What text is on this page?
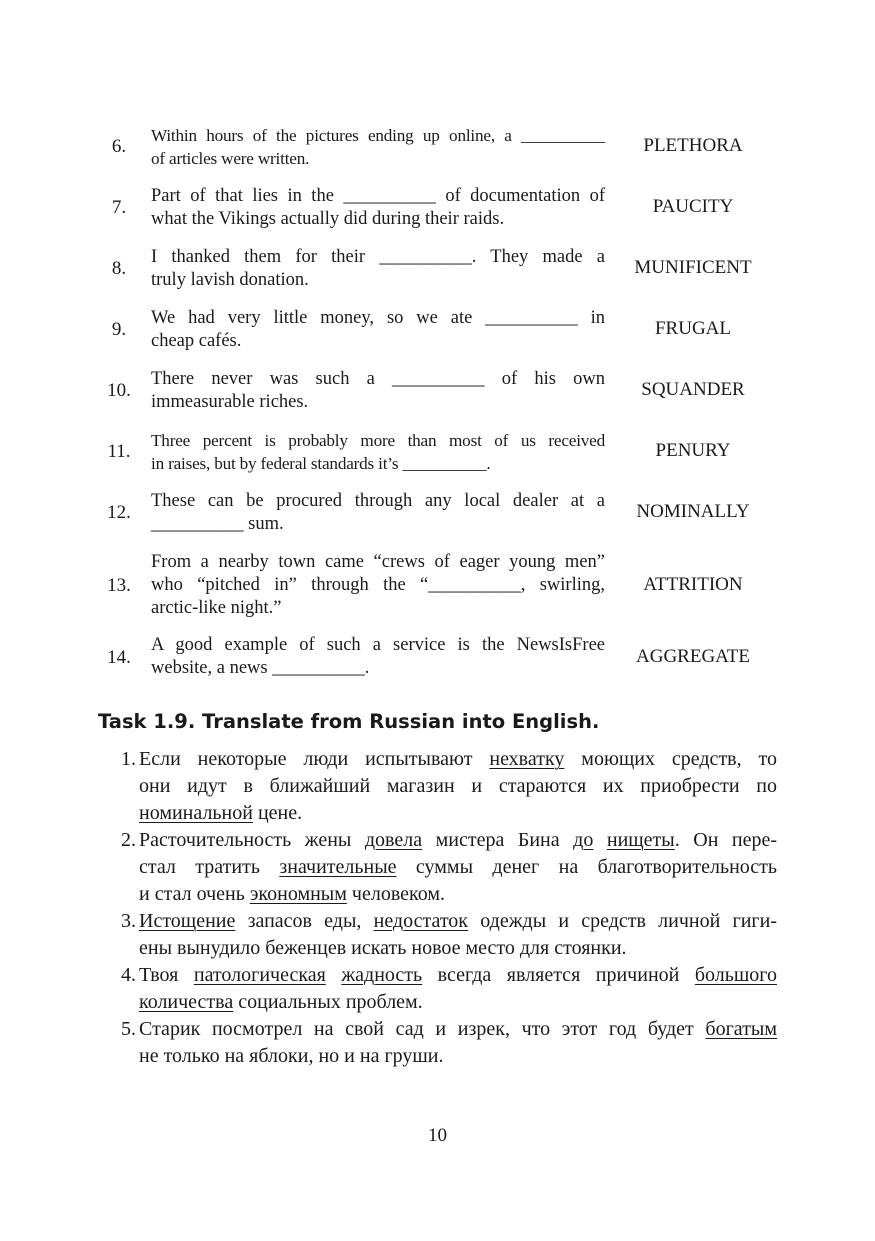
6.
Within hours of the pictures ending up online, a __________
of articles were written.
PLETHORA
7.
Part of that lies in the __________ of documentation of
what the Vikings actually did during their raids.
PAUCITY
8.
I thanked them for their __________. They made a
truly lavish donation.
MUNIFICENT
9.
We had very little money, so we ate __________ in
cheap cafés.
FRUGAL
10.
There never was such a __________ of his own
immeasurable riches.
SQUANDER
11.
Three percent is probably more than most of us received
in raises, but by federal standards it’s __________.
PENURY
12.
These can be procured through any local dealer at a
__________ sum.
NOMINALLY
13.
From a nearby town came “crews of eager young men”
who “pitched in” through the “__________, swirling,
arctic-like night.”
ATTRITION
14.
A good example of such a service is the NewsIsFree
website, a news __________.
AGGREGATE
Task 1.9. Translate from Russian into English.
1. Если некоторые люди испытывают нехватку моющих средств, то
они идут в ближайший магазин и стараются их приобрести по
номинальной цене.
2. Расточительность жены довела мистера Бина до нищеты. Он пере-
стал тратить значительные суммы денег на благотворительность
и стал очень экономным человеком.
3. Истощение запасов еды, недостаток одежды и средств личной гиги-
ены вынудило беженцев искать новое место для стоянки.
4. Твоя патологическая жадность всегда является причиной большого
количества социальных проблем.
5. Старик посмотрел на свой сад и изрек, что этот год будет богатым
не только на яблоки, но и на груши.
10
